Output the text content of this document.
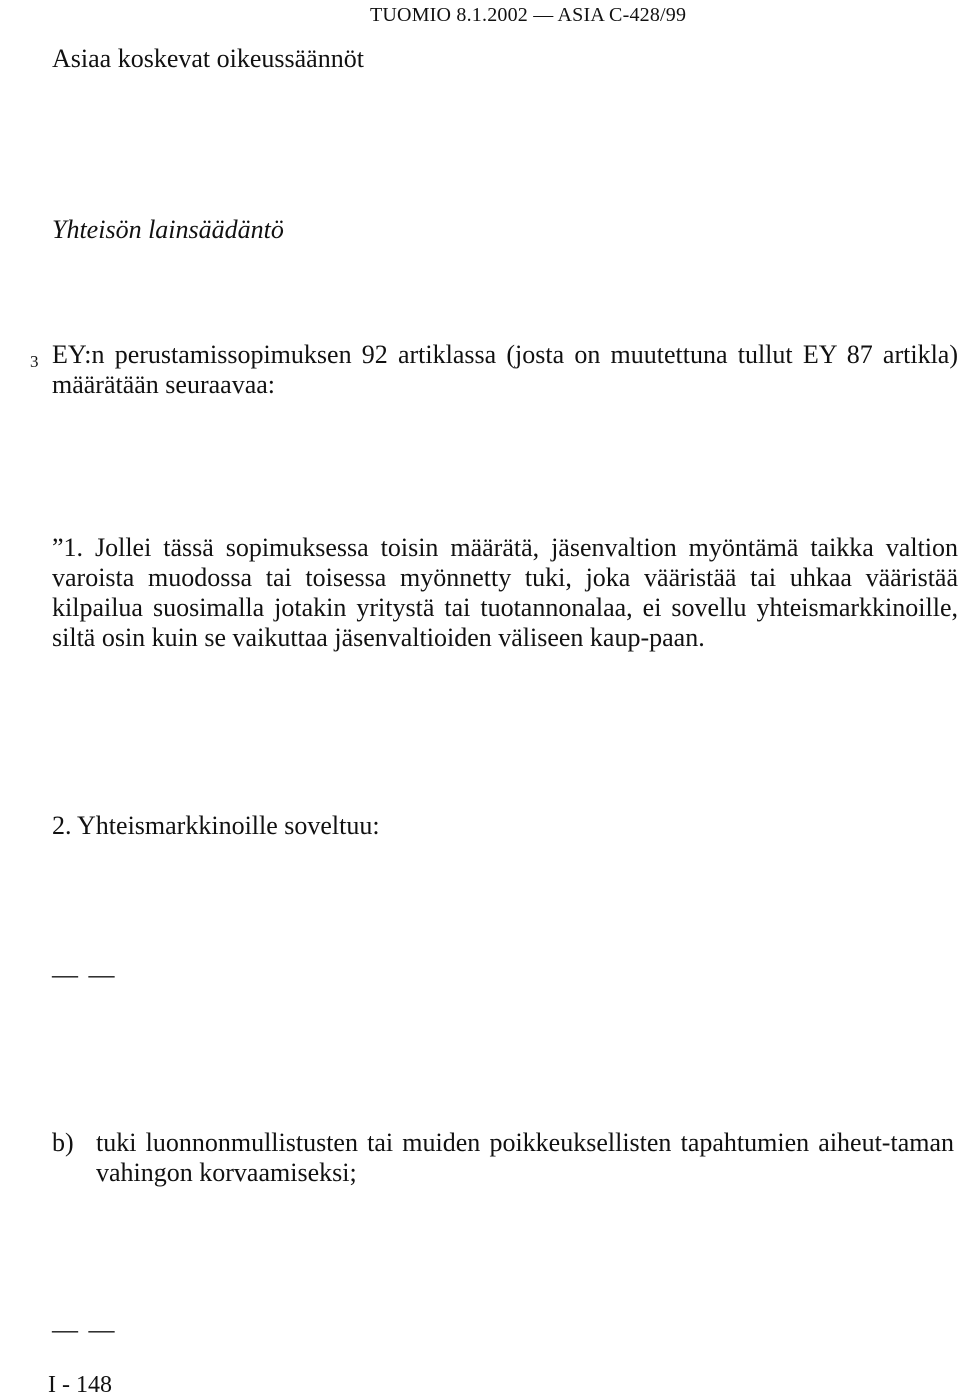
TUOMIO 8.1.2002 — ASIA C-428/99
Asiaa koskevat oikeussäännöt
Yhteisön lainsäädäntö
3 EY:n perustamissopimuksen 92 artiklassa (josta on muutettuna tullut EY 87 artikla) määrätään seuraavaa:
”1. Jollei tässä sopimuksessa toisin määrätä, jäsenvaltion myöntämä taikka valtion varoista muodossa tai toisessa myönnetty tuki, joka vääristää tai uhkaa vääristää kilpailua suosimalla jotakin yritystä tai tuotannonalaa, ei sovellu yhteismarkkinoille, siltä osin kuin se vaikuttaa jäsenvaltioiden väliseen kaup-paan.
2. Yhteismarkkinoille soveltuu:
— —
b) tuki luonnonmullistusten tai muiden poikkeuksellisten tapahtumien aiheut-taman vahingon korvaamiseksi;
— —
I - 148
